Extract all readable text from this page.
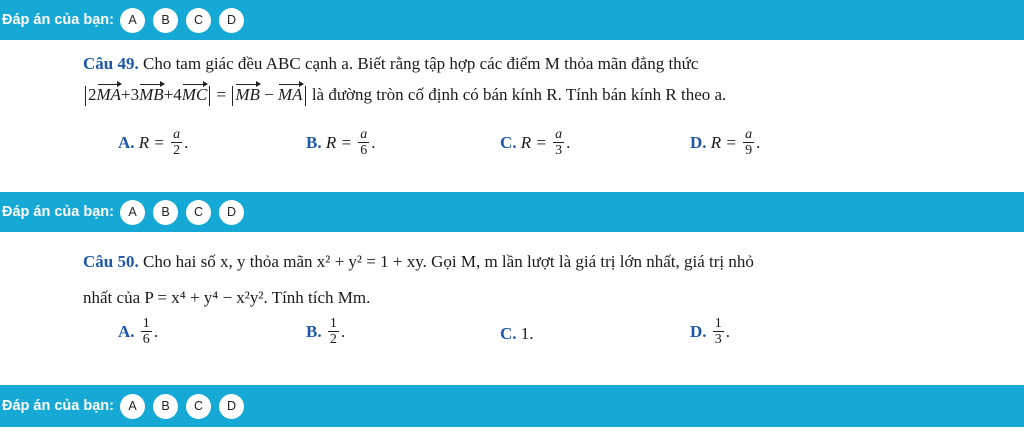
Đáp án của bạn:	A	B	C	D
Câu 49. Cho tam giác đều ABC cạnh a. Biết rằng tập hợp các điểm M thỏa mãn đẳng thức
2MA+3MB+4MC = MB − MA là đường tròn cố định có bán kính R. Tính bán kính R theo a.
A.
R =
$\frac{a}{2}$ .	B.
R =
$\frac{a}{6}$ .	C.
R =
$\frac{a}{3}$ .	D.
R =
$\frac{a}{9}$ .
Đáp án của bạn:	A	B	C	D
Câu 50. Cho hai số x, y thỏa mãn x² + y² = 1 + xy. Gọi M, m lần lượt là giá trị lớn nhất, giá trị nhỏ
nhất của P = x⁴ + y⁴ − x²y². Tính tích Mm.
A.
$\frac{1}{6}$ .	B.
$\frac{1}{2}$ .	C.
1.	D.
$\frac{1}{3}$ .
Đáp án của bạn:	A	B	C	D
